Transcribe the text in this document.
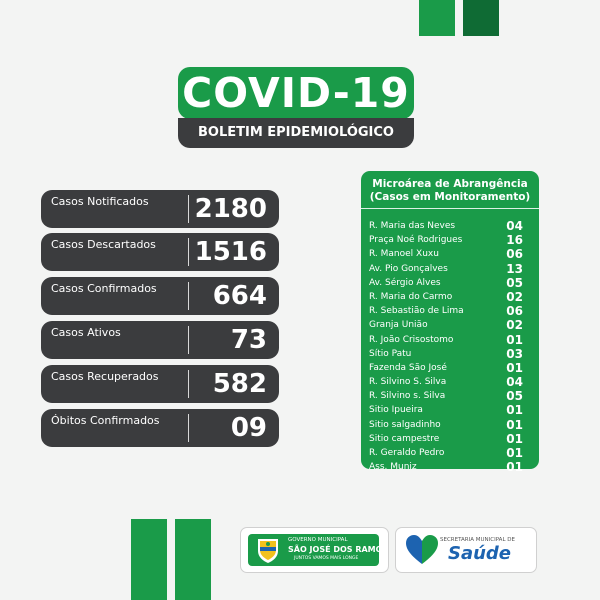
COVID-19
BOLETIM EPIDEMIOLÓGICO
Casos Notificados	2180
Casos Descartados	1516
Casos Confirmados	664
Casos Ativos	73
Casos Recuperados	582
Óbitos Confirmados	09
Microárea de Abrangência
(Casos em Monitoramento)
R. Maria das Neves	04
Praça Noé Rodrigues	16
R. Manoel Xuxu	06
Av. Pio Gonçalves	13
Av. Sérgio Alves	05
R. Maria do Carmo	02
R. Sebastião de Lima	06
Granja União	02
R. João Crisostomo	01
Sítio Patu	03
Fazenda São José	01
R. Silvino S. Silva	04
R. Silvino s. Silva	05
Sitio Ipueira	01
Sitio salgadinho	01
Sitio campestre	01
R. Geraldo Pedro	01
Ass. Muniz	01
GOVERNO MUNICIPAL
SÃO JOSÉ DOS RAMOS
JUNTOS VAMOS MAIS LONGE
SECRETARIA MUNICIPAL DE
Saúde
